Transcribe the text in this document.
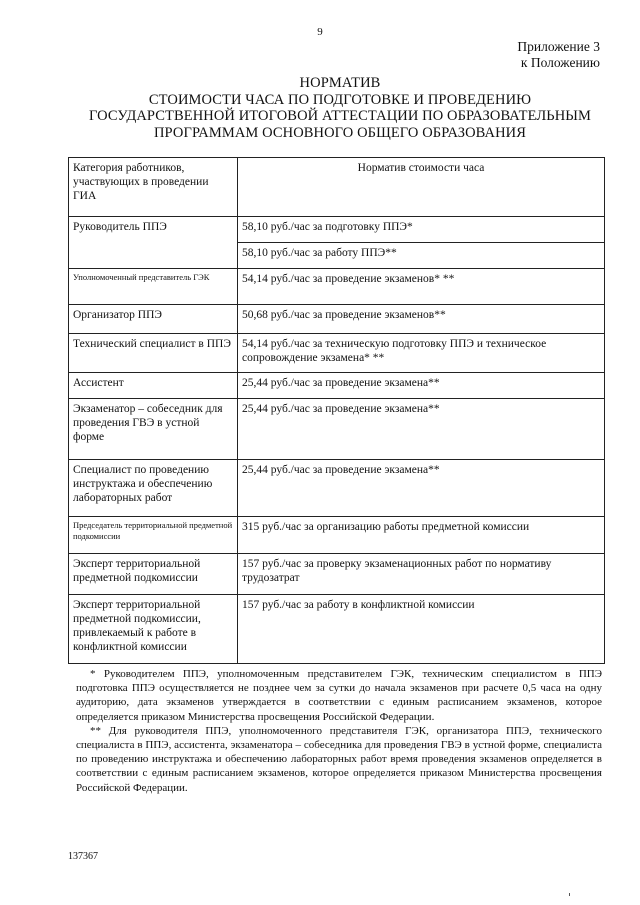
9
Приложение 3
к Положению
НОРМАТИВ
СТОИМОСТИ ЧАСА ПО ПОДГОТОВКЕ И ПРОВЕДЕНИЮ
ГОСУДАРСТВЕННОЙ ИТОГОВОЙ АТТЕСТАЦИИ ПО ОБРАЗОВАТЕЛЬНЫМ
ПРОГРАММАМ ОСНОВНОГО ОБЩЕГО ОБРАЗОВАНИЯ
Категория работников, участвующих в проведении ГИА	Норматив стоимости часа
Руководитель ППЭ	58,10 руб./час за подготовку ППЭ*
	58,10 руб./час за работу ППЭ**
Уполномоченный представитель ГЭК	54,14 руб./час за проведение экзаменов* **
Организатор ППЭ	50,68 руб./час за проведение экзаменов**
Технический специалист в ППЭ	54,14 руб./час за техническую подготовку ППЭ и техническое сопровождение экзамена* **
Ассистент	25,44 руб./час за проведение экзамена**
Экзаменатор – собеседник для проведения ГВЭ в устной форме	25,44 руб./час за проведение экзамена**
Специалист по проведению инструктажа и обеспечению лабораторных работ	25,44 руб./час за проведение экзамена**
Председатель территориальной предметной подкомиссии	315 руб./час за организацию работы предметной комиссии
Эксперт территориальной предметной подкомиссии	157 руб./час за проверку экзаменационных работ по нормативу трудозатрат
Эксперт территориальной предметной подкомиссии, привлекаемый к работе в конфликтной комиссии	157 руб./час за работу в конфликтной комиссии

* Руководителем ППЭ, уполномоченным представителем ГЭК, техническим специалистом в ППЭ подготовка ППЭ осуществляется не позднее чем за сутки до начала экзаменов при расчете 0,5 часа на одну аудиторию, дата экзаменов утверждается в соответствии с единым расписанием экзаменов, которое определяется приказом Министерства просвещения Российской Федерации.

** Для руководителя ППЭ, уполномоченного представителя ГЭК, организатора ППЭ, технического специалиста в ППЭ, ассистента, экзаменатора – собеседника для проведения ГВЭ в устной форме, специалиста по проведению инструктажа и обеспечению лабораторных работ время проведения экзаменов определяется в соответствии с единым расписанием экзаменов, которое определяется приказом Министерства просвещения Российской Федерации.

137367
